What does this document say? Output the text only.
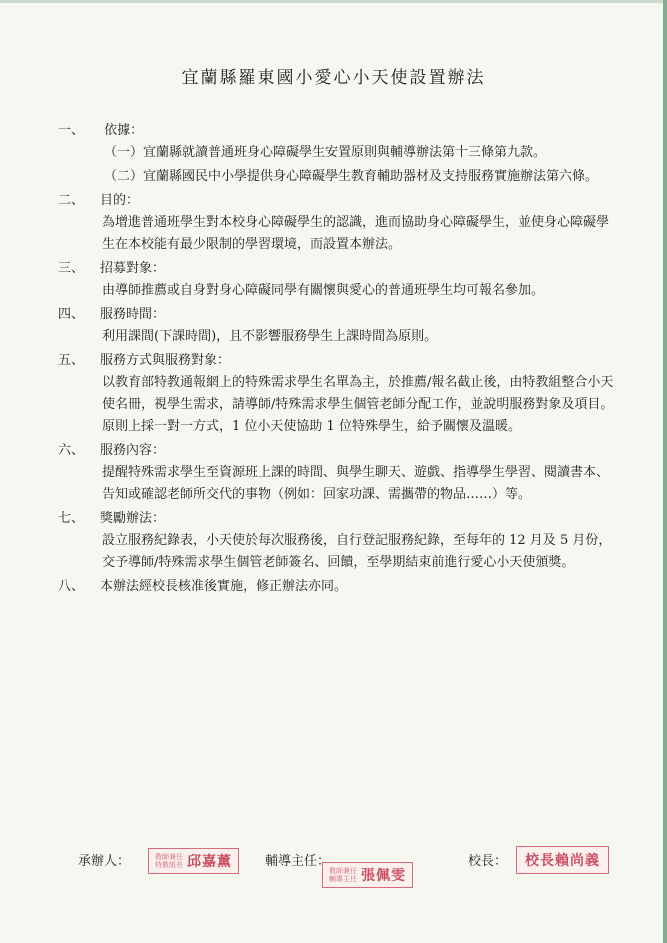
宜蘭縣羅東國小愛心小天使設置辦法
一、 依據：
（一）宜蘭縣就讀普通班身心障礙學生安置原則與輔導辦法第十三條第九款。
（二）宜蘭縣國民中小學提供身心障礙學生教育輔助器材及支持服務實施辦法第六條。
二、 目的：
為增進普通班學生對本校身心障礙學生的認識，進而協助身心障礙學生，並使身心障礙學生在本校能有最少限制的學習環境，而設置本辦法。
三、 招募對象：
由導師推薦或自身對身心障礙同學有關懷與愛心的普通班學生均可報名參加。
四、 服務時間：
利用課間(下課時間)，且不影響服務學生上課時間為原則。
五、 服務方式與服務對象：
以教育部特教通報網上的特殊需求學生名單為主，於推薦/報名截止後，由特教組整合小天使名冊，視學生需求，請導師/特殊需求學生個管老師分配工作，並說明服務對象及項目。原則上採一對一方式，1 位小天使協助 1 位特殊學生，給予關懷及溫暖。
六、 服務內容：
提醒特殊需求學生至資源班上課的時間、與學生聊天、遊戲、指導學生學習、閱讀書本、告知或確認老師所交代的事物（例如：回家功課、需攜帶的物品……）等。
七、 獎勵辦法：
設立服務紀錄表，小天使於每次服務後，自行登記服務紀錄，至每年的 12 月及 5 月份，交予導師/特殊需求學生個管老師簽名、回饋，至學期結束前進行愛心小天使頒獎。
八、 本辦法經校長核准後實施，修正辦法亦同。
承辦人：	教師兼任特教組長 邱嘉薰	輔導主任：
教師兼任輔導主任 張佩雯
校長： 校長賴尚義
